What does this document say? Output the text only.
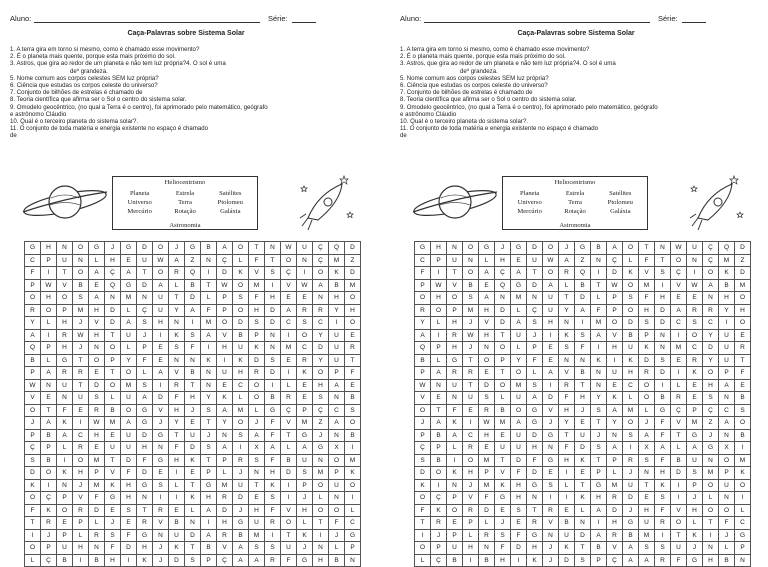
Aluno:	Série:
Caça-Palavras sobre Sistema Solar
1. A terra gira em torno si mesmo, como é chamado esse movimento?
2. É o planeta mais quente, porque esta mais próximo do sol.
3. Astros, que gira ao redor de um planeta e não tem luz própria?4. O sol é uma
deº grandeza.
5. Nome comum aos corpos celestes SEM luz própria?
6. Ciência que estudas os corpos celeste do universo?
7. Conjunto de bilhões de estrelas é chamado de
8. Teoria científica que afirma ser o Sol o centro do sistema solar.
9. Omodelo geocêntrico, (no qual a Terra é o centro), foi aprimorado pelo matemático, geógrafo
e astrônomo Cláudio
10. Qual é o terceiro planeta do sistema solar?.
11. O conjunto de toda matéria e energia existente no espaço é chamado
de
Heliocentrismo
Planeta	Estrela	Satélites
Universo	Terra	Ptolomeu
Mercúrio	Rotação	Galáxia
Astronomia
G	H	N	O	G	J	G	D	O	J	G	B	A	O	T	N	W	U	Ç	Q	D
C	P	U	N	L	H	E	U	W	A	Z	N	Ç	L	F	T	O	N	Ç	M	Z
F	I	T	O	A	Ç	A	T	O	R	Q	I	D	K	V	S	Ç	I	O	K	D
P	W	V	B	E	Q	G	D	A	L	B	T	W	O	M	I	V	W	A	B	M
O	H	O	S	A	N	M	N	U	T	D	L	P	S	F	H	E	E	N	H	O
R	O	P	M	H	D	L	Ç	U	Y	A	F	P	O	H	D	A	R	R	Y	H
Y	L	H	J	V	D	A	S	H	N	I	M	O	D	S	D	C	S	C	I	O
A	I	R	W	H	T	U	J	I	K	S	A	V	B	P	N	I	O	Y	U	E
Q	P	H	J	N	O	L	P	E	S	F	I	H	U	K	N	M	C	D	U	R
B	L	G	T	O	P	Y	F	E	N	N	K	I	K	D	S	E	R	Y	U	T
P	A	R	R	E	T	O	L	A	V	B	N	U	H	R	D	I	K	O	P	F
W	N	U	T	D	O	M	S	I	R	T	N	E	C	O	I	L	E	H	A	E
V	E	N	U	S	L	U	A	D	F	H	Y	K	L	O	B	R	E	S	N	B
O	T	F	E	R	B	O	G	V	H	J	S	A	M	L	G	Ç	P	Ç	C	S
J	A	K	I	W	M	A	G	J	Y	E	T	Y	O	J	F	V	M	Z	A	O
P	B	A	C	H	E	U	D	G	T	U	J	N	S	A	F	T	G	J	N	B
Ç	P	L	R	E	U	U	H	N	F	D	S	A	I	X	A	L	A	G	X	I
S	B	I	O	M	T	D	F	G	H	K	T	P	R	S	F	B	U	N	O	M
D	O	K	H	P	V	F	D	E	I	E	P	L	J	N	H	D	S	M	P	K
K	I	N	J	M	K	H	G	S	L	T	G	M	U	T	K	I	P	O	U	O
O	Ç	P	V	F	G	H	N	I	I	K	H	R	D	E	S	I	J	L	N	I
F	K	O	R	D	E	S	T	R	E	L	A	D	J	H	F	V	H	O	O	L
T	R	E	P	L	J	E	R	V	B	N	I	H	G	U	R	O	L	T	F	C
I	J	P	L	R	S	F	G	N	U	D	A	R	B	M	I	T	K	I	J	G
O	P	U	H	N	F	D	H	J	K	T	B	V	A	S	S	U	J	N	L	P
L	Ç	B	I	B	H	I	K	J	D	S	P	Ç	A	A	R	F	G	H	B	N
Aluno:	Série:
Caça-Palavras sobre Sistema Solar
1. A terra gira em torno si mesmo, como é chamado esse movimento?
2. É o planeta mais quente, porque esta mais próximo do sol.
3. Astros, que gira ao redor de um planeta e não tem luz própria?4. O sol é uma
deº grandeza.
5. Nome comum aos corpos celestes SEM luz própria?
6. Ciência que estudas os corpos celeste do universo?
7. Conjunto de bilhões de estrelas é chamado de
8. Teoria científica que afirma ser o Sol o centro do sistema solar.
9. Omodelo geocêntrico, (no qual a Terra é o centro), foi aprimorado pelo matemático, geógrafo
e astrônomo Cláudio
10. Qual é o terceiro planeta do sistema solar?.
11. O conjunto de toda matéria e energia existente no espaço é chamado
de
Heliocentrismo
Planeta	Estrela	Satélites
Universo	Terra	Ptolomeu
Mercúrio	Rotação	Galáxia
Astronomia
G	H	N	O	G	J	G	D	O	J	G	B	A	O	T	N	W	U	Ç	Q	D
C	P	U	N	L	H	E	U	W	A	Z	N	Ç	L	F	T	O	N	Ç	M	Z
F	I	T	O	A	Ç	A	T	O	R	Q	I	D	K	V	S	Ç	I	O	K	D
P	W	V	B	E	Q	G	D	A	L	B	T	W	O	M	I	V	W	A	B	M
O	H	O	S	A	N	M	N	U	T	D	L	P	S	F	H	E	E	N	H	O
R	O	P	M	H	D	L	Ç	U	Y	A	F	P	O	H	D	A	R	R	Y	H
Y	L	H	J	V	D	A	S	H	N	I	M	O	D	S	D	C	S	C	I	O
A	I	R	W	H	T	U	J	I	K	S	A	V	B	P	N	I	O	Y	U	E
Q	P	H	J	N	O	L	P	E	S	F	I	H	U	K	N	M	C	D	U	R
B	L	G	T	O	P	Y	F	E	N	N	K	I	K	D	S	E	R	Y	U	T
P	A	R	R	E	T	O	L	A	V	B	N	U	H	R	D	I	K	O	P	F
W	N	U	T	D	O	M	S	I	R	T	N	E	C	O	I	L	E	H	A	E
V	E	N	U	S	L	U	A	D	F	H	Y	K	L	O	B	R	E	S	N	B
O	T	F	E	R	B	O	G	V	H	J	S	A	M	L	G	Ç	P	Ç	C	S
J	A	K	I	W	M	A	G	J	Y	E	T	Y	O	J	F	V	M	Z	A	O
P	B	A	C	H	E	U	D	G	T	U	J	N	S	A	F	T	G	J	N	B
Ç	P	L	R	E	U	U	H	N	F	D	S	A	I	X	A	L	A	G	X	I
S	B	I	O	M	T	D	F	G	H	K	T	P	R	S	F	B	U	N	O	M
D	O	K	H	P	V	F	D	E	I	E	P	L	J	N	H	D	S	M	P	K
K	I	N	J	M	K	H	G	S	L	T	G	M	U	T	K	I	P	O	U	O
O	Ç	P	V	F	G	H	N	I	I	K	H	R	D	E	S	I	J	L	N	I
F	K	O	R	D	E	S	T	R	E	L	A	D	J	H	F	V	H	O	O	L
T	R	E	P	L	J	E	R	V	B	N	I	H	G	U	R	O	L	T	F	C
I	J	P	L	R	S	F	G	N	U	D	A	R	B	M	I	T	K	I	J	G
O	P	U	H	N	F	D	H	J	K	T	B	V	A	S	S	U	J	N	L	P
L	Ç	B	I	B	H	I	K	J	D	S	P	Ç	A	A	R	F	G	H	B	N
